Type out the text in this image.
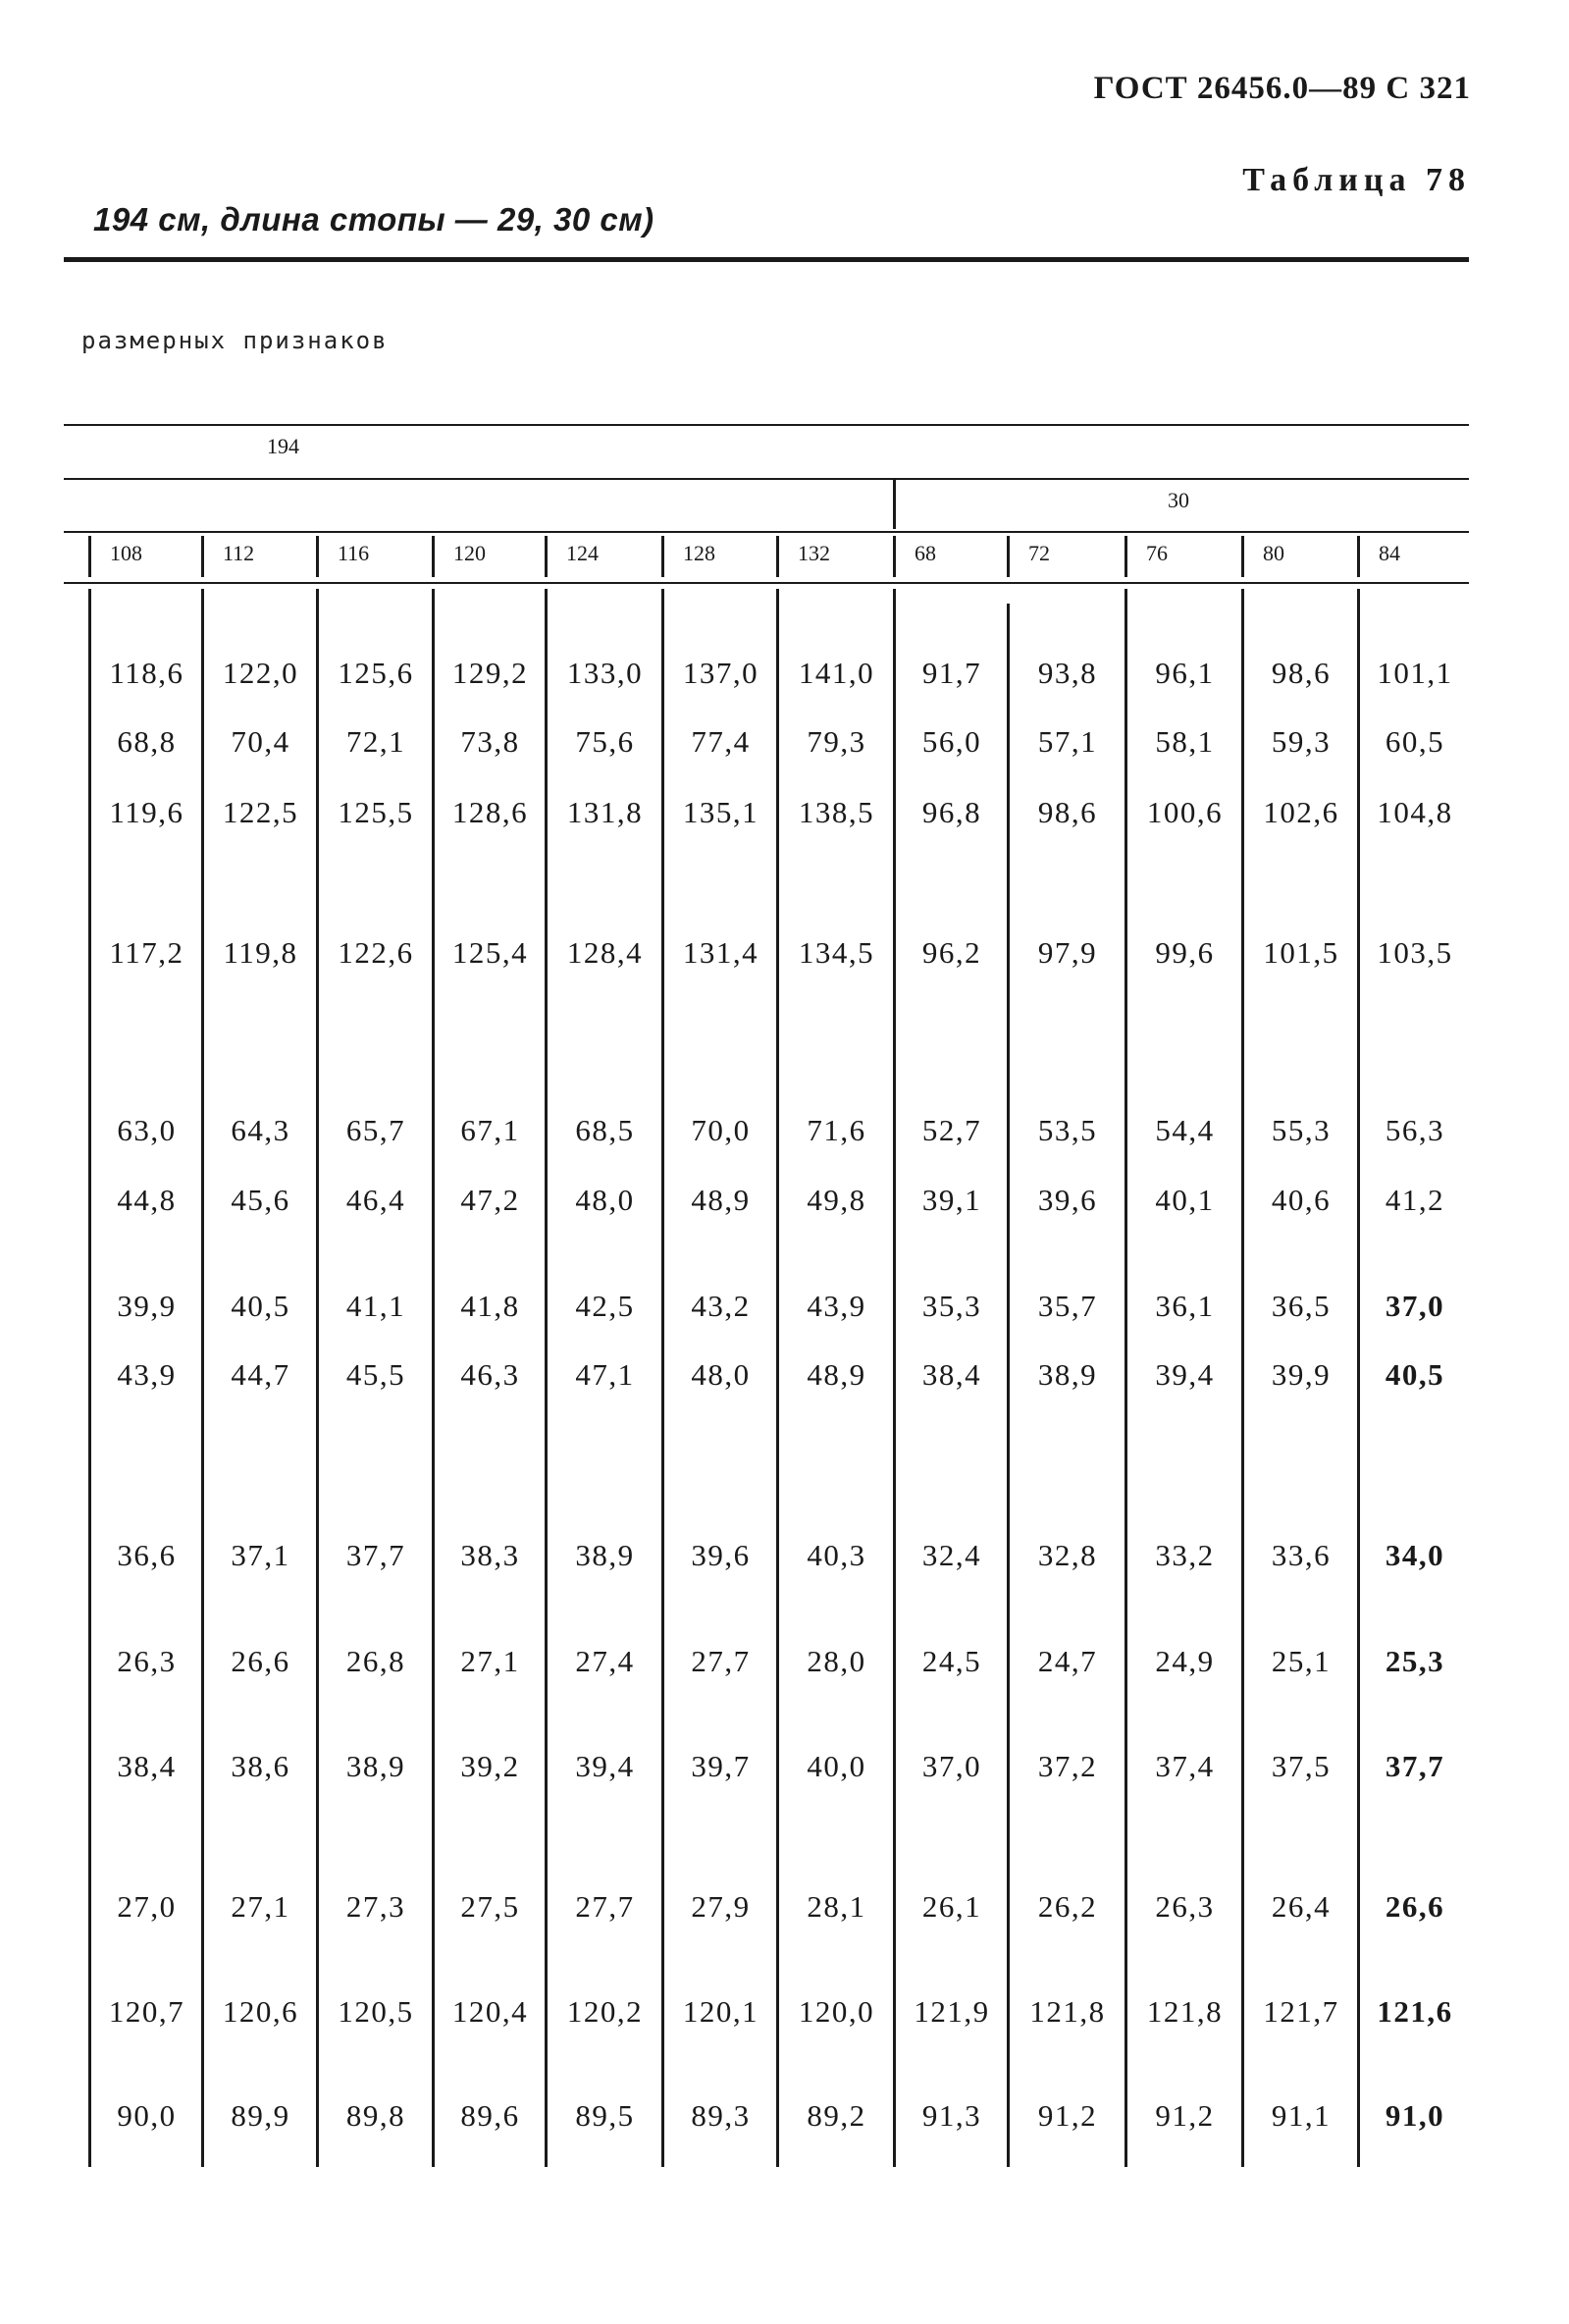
ГОСТ 26456.0—89 С 321
Таблица 78
194 см, длина стопы — 29, 30 см)
размерных признаков
194
30
108	112	116	120	124	128	132	68	72	76	80	84
118,6	122,0	125,6	129,2	133,0	137,0	141,0	91,7	93,8	96,1	98,6	101,1
68,8	70,4	72,1	73,8	75,6	77,4	79,3	56,0	57,1	58,1	59,3	60,5
119,6	122,5	125,5	128,6	131,8	135,1	138,5	96,8	98,6	100,6	102,6	104,8
117,2	119,8	122,6	125,4	128,4	131,4	134,5	96,2	97,9	99,6	101,5	103,5
63,0	64,3	65,7	67,1	68,5	70,0	71,6	52,7	53,5	54,4	55,3	56,3
44,8	45,6	46,4	47,2	48,0	48,9	49,8	39,1	39,6	40,1	40,6	41,2
39,9	40,5	41,1	41,8	42,5	43,2	43,9	35,3	35,7	36,1	36,5	37,0
43,9	44,7	45,5	46,3	47,1	48,0	48,9	38,4	38,9	39,4	39,9	40,5
36,6	37,1	37,7	38,3	38,9	39,6	40,3	32,4	32,8	33,2	33,6	34,0
26,3	26,6	26,8	27,1	27,4	27,7	28,0	24,5	24,7	24,9	25,1	25,3
38,4	38,6	38,9	39,2	39,4	39,7	40,0	37,0	37,2	37,4	37,5	37,7
27,0	27,1	27,3	27,5	27,7	27,9	28,1	26,1	26,2	26,3	26,4	26,6
120,7	120,6	120,5	120,4	120,2	120,1	120,0	121,9	121,8	121,8	121,7	121,6
90,0	89,9	89,8	89,6	89,5	89,3	89,2	91,3	91,2	91,2	91,1	91,0
